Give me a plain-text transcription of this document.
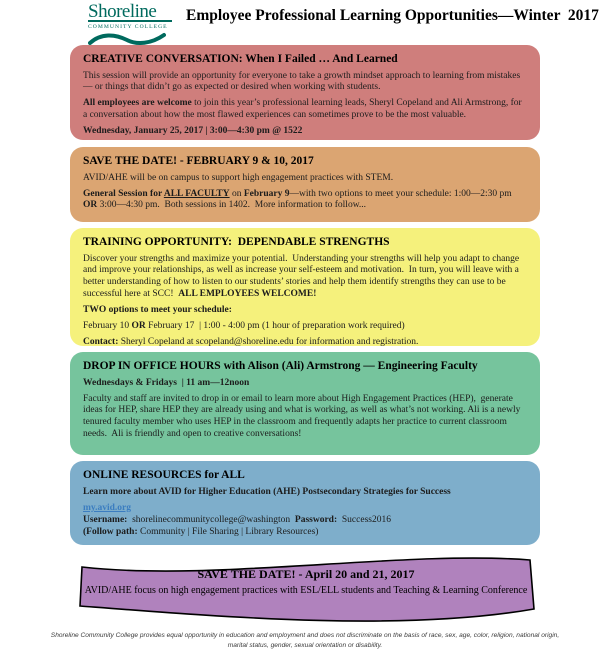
Shoreline
COMMUNITY COLLEGE
Employee Professional Learning Opportunities—Winter  2017
CREATIVE CONVERSATION: When I Failed … And Learned

This session will provide an opportunity for everyone to take a growth mindset approach to learning from mistakes — or things that didn’t go as expected or desired when working with students.

All employees are welcome to join this year’s professional learning leads, Sheryl Copeland and Ali Armstrong, for a conversation about how the most flawed experiences can sometimes prove to be the most valuable.

Wednesday, January 25, 2017 | 3:00—4:30 pm @ 1522

SAVE THE DATE! - FEBRUARY 9 & 10, 2017

AVID/AHE will be on campus to support high engagement practices with STEM.

General Session for ALL FACULTY on February 9—with two options to meet your schedule: 1:00—2:30 pm OR 3:00—4:30 pm.  Both sessions in 1402.  More information to follow...

TRAINING OPPORTUNITY:  DEPENDABLE STRENGTHS

Discover your strengths and maximize your potential.  Understanding your strengths will help you adapt to change and improve your relationships, as well as increase your self-esteem and motivation.  In turn, you will leave with a better understanding of how to listen to our students’ stories and help them identify strengths they can use to be successful here at SCC!  ALL EMPLOYEES WELCOME!

TWO options to meet your schedule:

February 10 OR February 17  | 1:00 - 4:00 pm (1 hour of preparation work required)

Contact: Sheryl Copeland at scopeland@shoreline.edu for information and registration.

DROP IN OFFICE HOURS with Alison (Ali) Armstrong — Engineering Faculty

Wednesdays & Fridays  | 11 am—12noon

Faculty and staff are invited to drop in or email to learn more about High Engagement Practices (HEP),  generate ideas for HEP, share HEP they are already using and what is working, as well as what’s not working. Ali is a newly tenured faculty member who uses HEP in the classroom and frequently adapts her practice to current classroom needs.  Ali is friendly and open to creative conversations!

ONLINE RESOURCES for ALL

Learn more about AVID for Higher Education (AHE) Postsecondary Strategies for Success

my.avid.org

Username:  shorelinecommunitycollege@washington  Password:  Success2016

(Follow path: Community | File Sharing | Library Resources)

SAVE THE DATE! - April 20 and 21, 2017
AVID/AHE focus on high engagement practices with ESL/ELL students and Teaching & Learning Conference
Shoreline Community College provides equal opportunity in education and employment and does not discriminate on the basis of race, sex, age, color, religion, national origin, marital status, gender, sexual orientation or disability.
